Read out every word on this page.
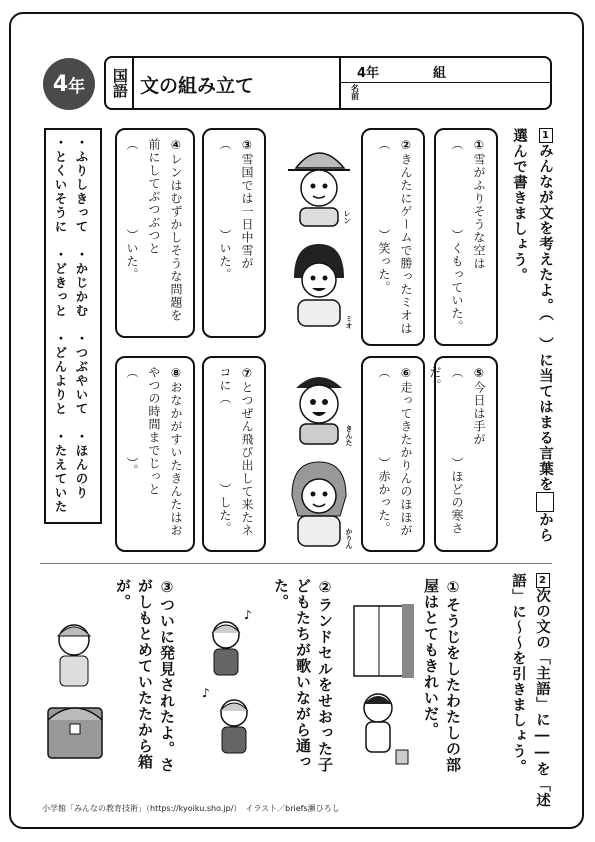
4 年	国語 文の組み立て
4年	組
名
前
1みんなが文を考えたよ。（　）に当てはまる言葉をから選んで書きましょう。
①雪がふりそうな空は（　　　　　　）くもっていた。
②きんたにゲームで勝ったミオは（　　　　　　）笑った。
③雪国では一日中雪が（　　　　　　）いた。
④レンはむずかしそうな問題を前にしてぶつぶつと（　　　　　　）いた。
⑤今日は手が（　　　　　　）ほどの寒さだ。
⑥走ってきたかりんのほほが（　　　　　　）赤かった。
⑦とつぜん飛び出して来たネコに（　　　　　　）した。
⑧おなかがすいたきんたはおやつの時間までじっと（　　　　　　）。
レン
ミオ
きんた
かりん
・ふりしきって　・かじかむ　・つぶやいて　・ほんのり
・とくいそうに　・どきっと　・どんよりと　・たえていた
2次の文の「主語」に――を「述語」に～～を引きましょう。
①そうじをしたわたしの部屋はとてもきれいだ。
②ランドセルをせおった子どもたちが歌いながら通った。
③ついに発見されたよ。さがしもとめていたたから箱が。
♪
♪
小学館「みんなの教育技術」（https://kyoiku.sho.jp/）　イラスト／briefs瀬ひろし
